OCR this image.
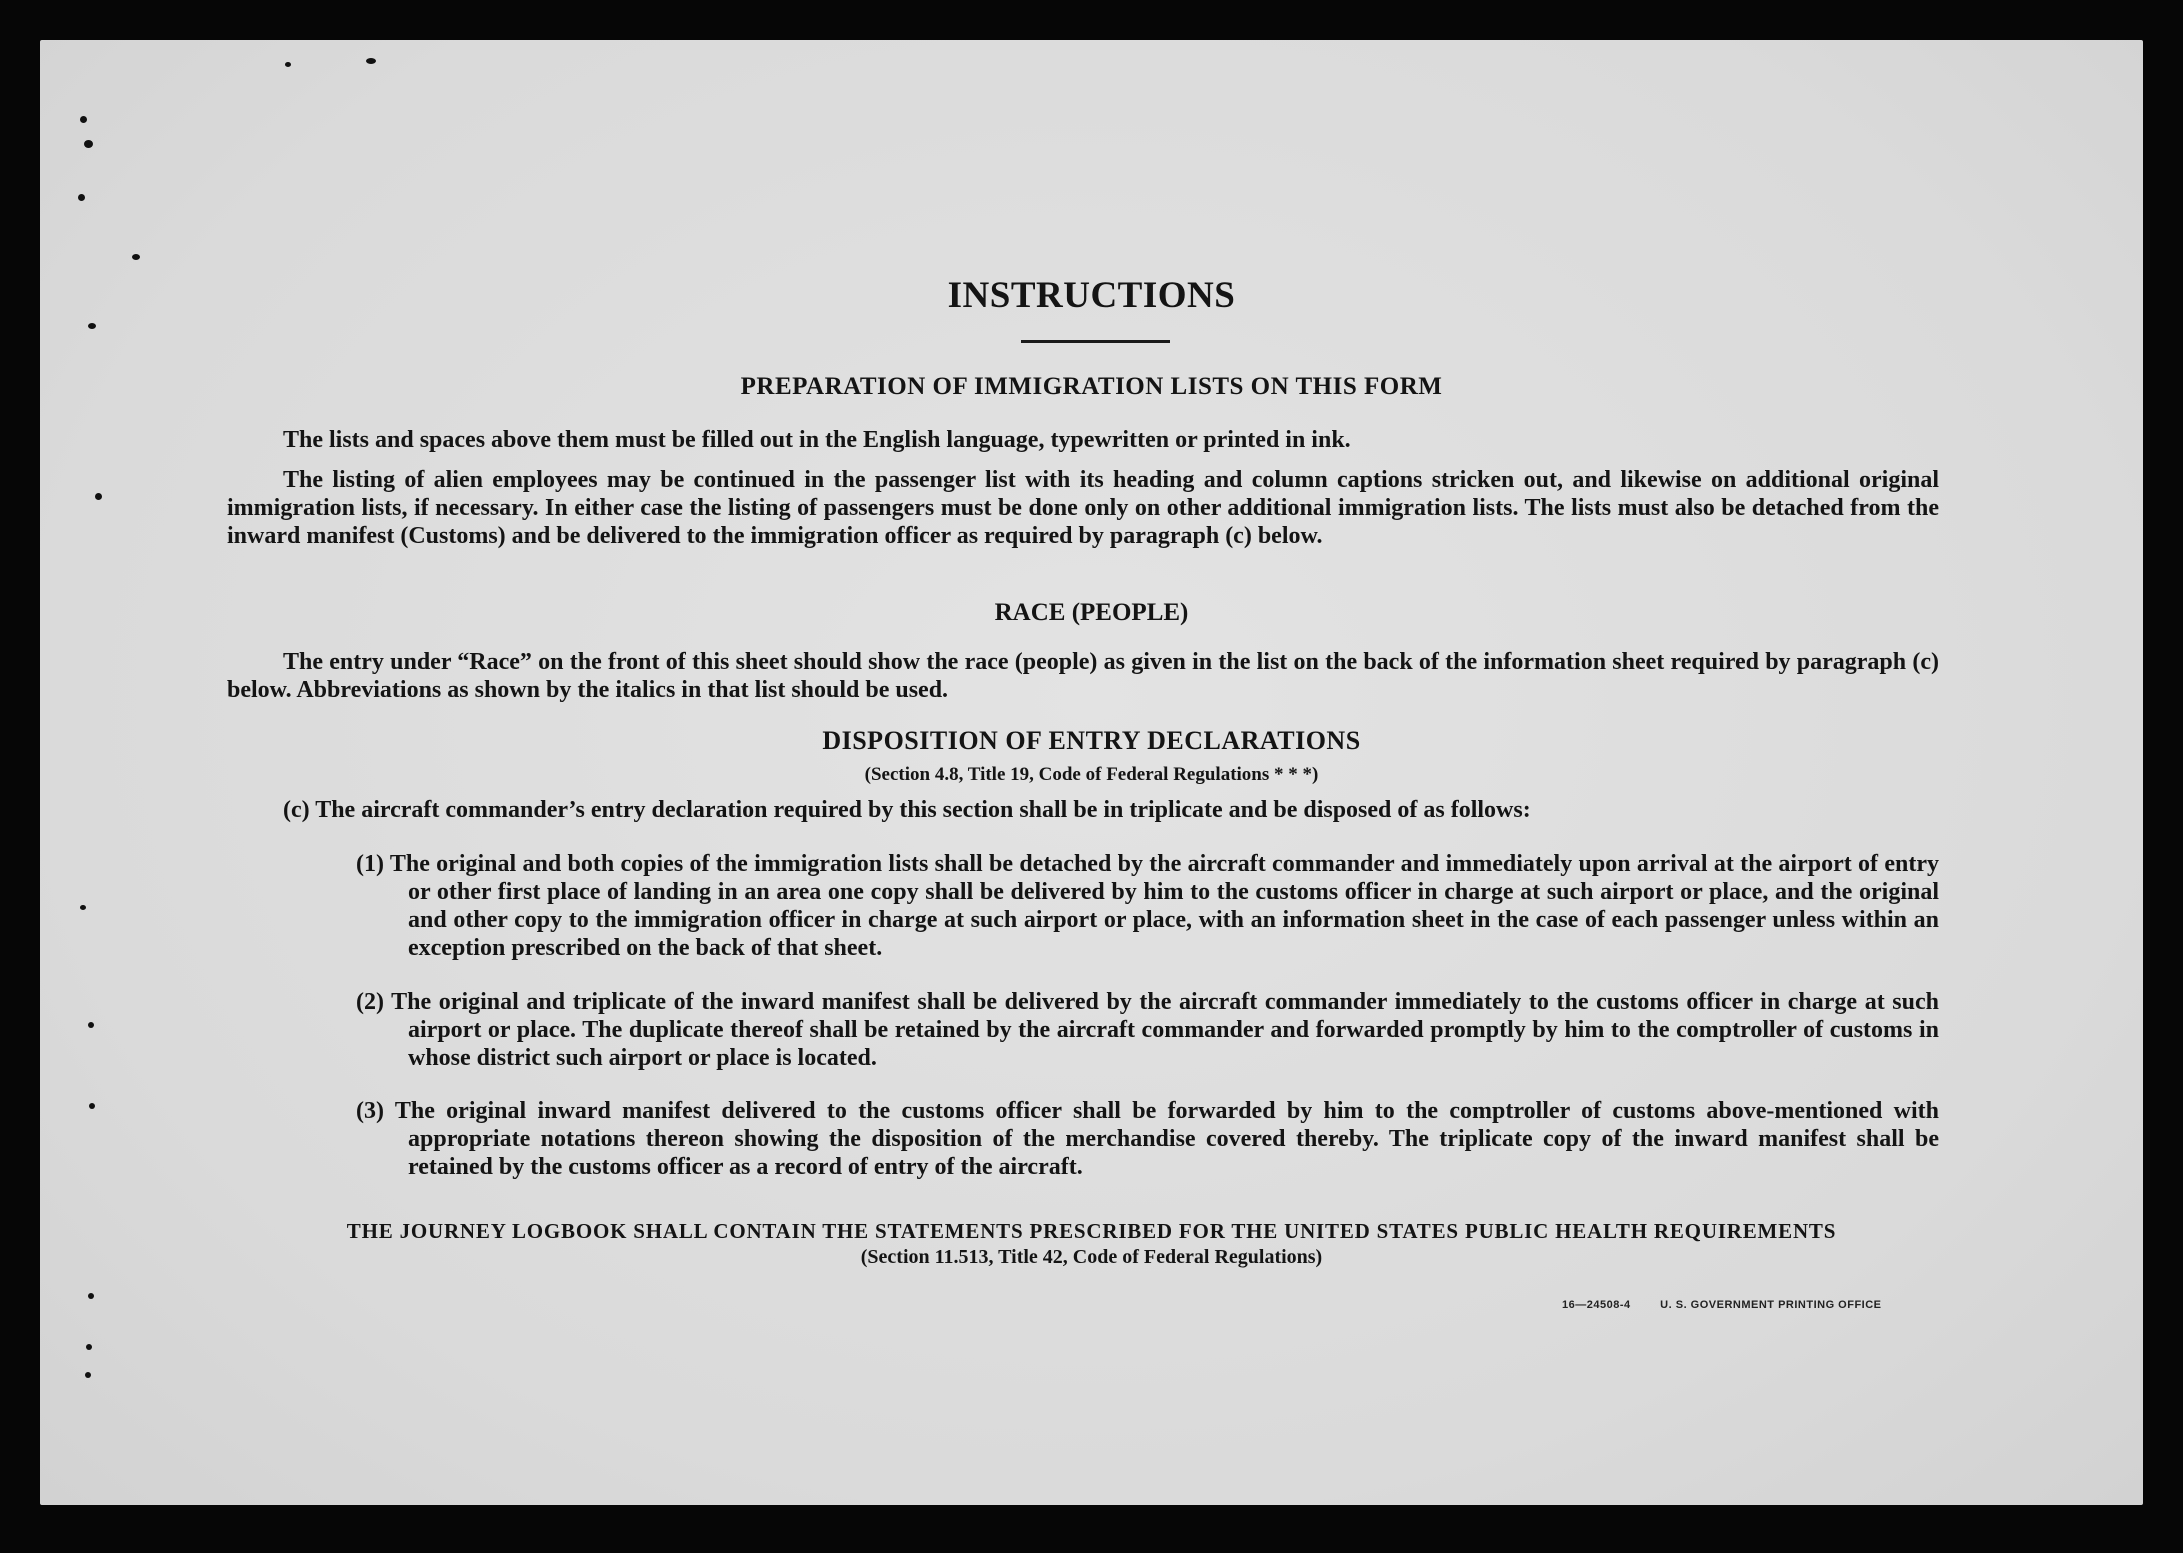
INSTRUCTIONS
PREPARATION OF IMMIGRATION LISTS ON THIS FORM
The lists and spaces above them must be filled out in the English language, typewritten or printed in ink.
The listing of alien employees may be continued in the passenger list with its heading and column captions stricken out, and likewise on additional original immigration lists, if necessary. In either case the listing of passengers must be done only on other additional immigration lists. The lists must also be detached from the inward manifest (Customs) and be delivered to the immigration officer as required by paragraph (c) below.
RACE (PEOPLE)
The entry under “Race” on the front of this sheet should show the race (people) as given in the list on the back of the information sheet required by paragraph (c) below. Abbreviations as shown by the italics in that list should be used.
DISPOSITION OF ENTRY DECLARATIONS
(Section 4.8, Title 19, Code of Federal Regulations * * *)
(c) The aircraft commander’s entry declaration required by this section shall be in triplicate and be disposed of as follows:
(1) The original and both copies of the immigration lists shall be detached by the aircraft commander and immediately upon arrival at the airport of entry or other first place of landing in an area one copy shall be delivered by him to the customs officer in charge at such airport or place, and the original and other copy to the immigration officer in charge at such airport or place, with an information sheet in the case of each passenger unless within an exception prescribed on the back of that sheet.
(2) The original and triplicate of the inward manifest shall be delivered by the aircraft commander immediately to the customs officer in charge at such airport or place. The duplicate thereof shall be retained by the aircraft commander and forwarded promptly by him to the comptroller of customs in whose district such airport or place is located.
(3) The original inward manifest delivered to the customs officer shall be forwarded by him to the comptroller of customs above-mentioned with appropriate notations thereon showing the disposition of the merchandise covered thereby. The triplicate copy of the inward manifest shall be retained by the customs officer as a record of entry of the aircraft.
THE JOURNEY LOGBOOK SHALL CONTAIN THE STATEMENTS PRESCRIBED FOR THE UNITED STATES PUBLIC HEALTH REQUIREMENTS
(Section 11.513, Title 42, Code of Federal Regulations)
16—24508-4	U. S. GOVERNMENT PRINTING OFFICE
